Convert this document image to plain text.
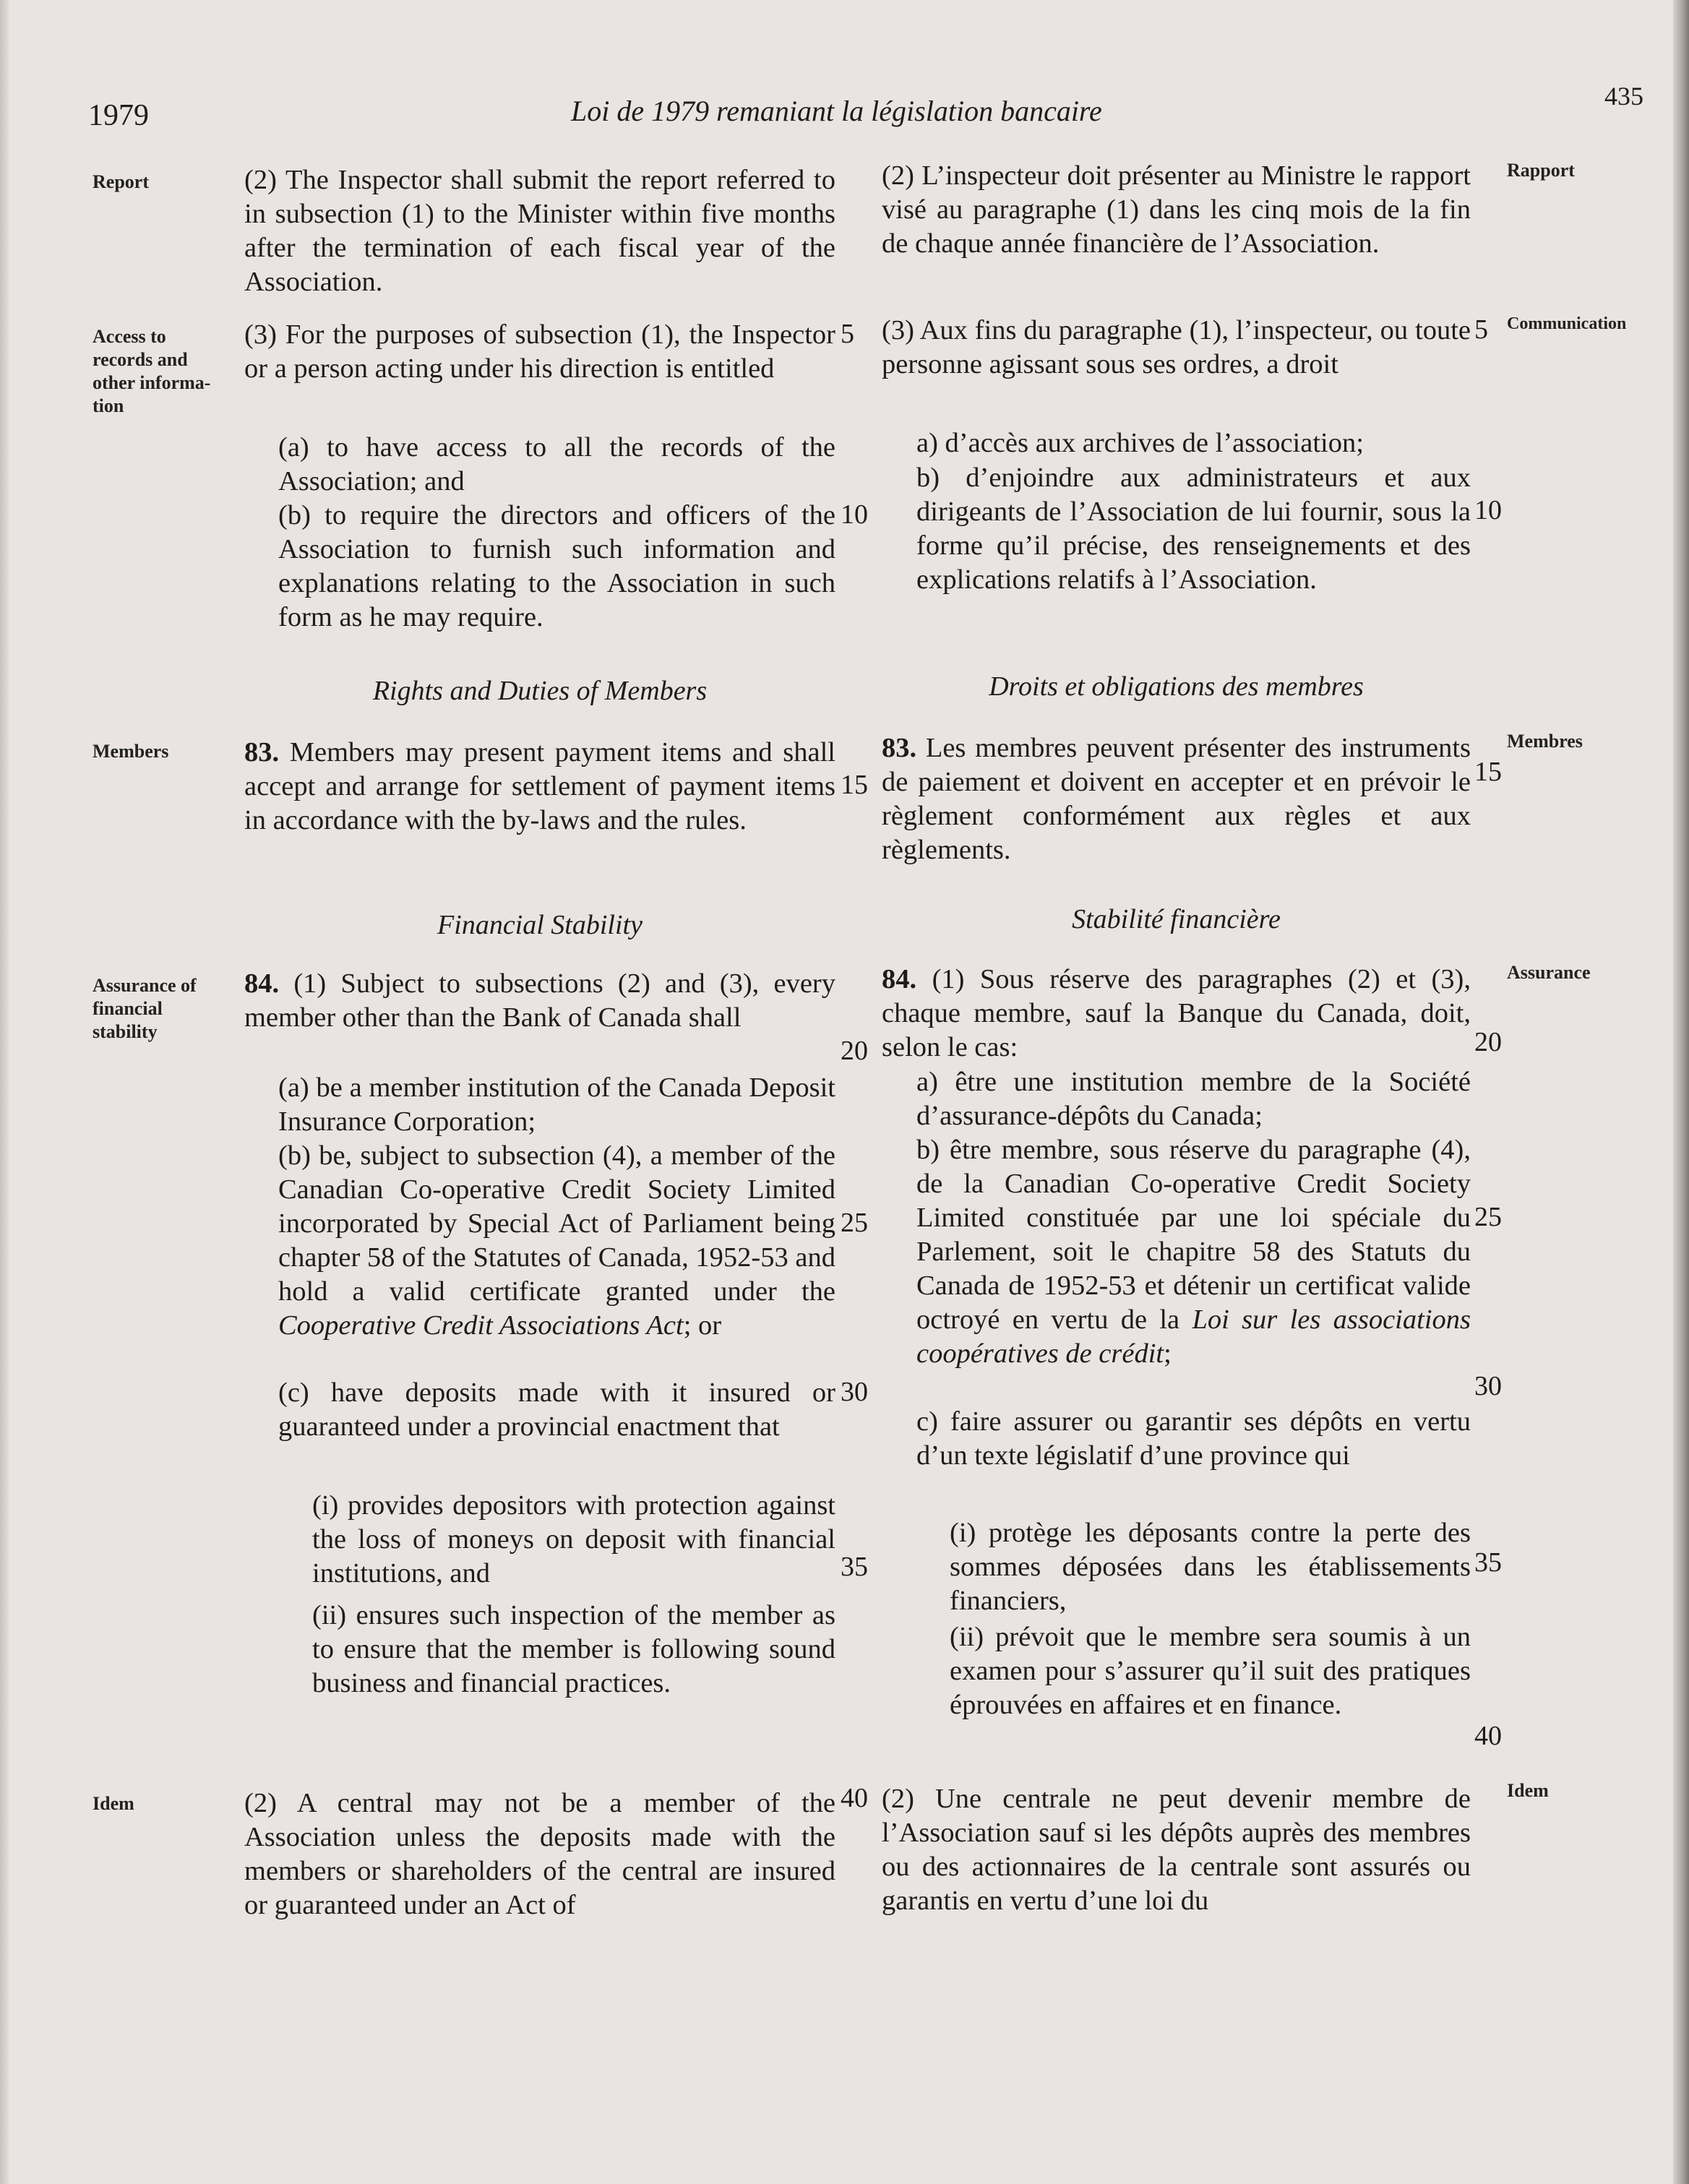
1979	Loi de 1979 remaniant la législation bancaire	435
Report
Access to records and other informa- tion
Members
Assurance of financial stability
Idem
Rapport
Communication
Membres
Assurance
Idem
(2) The Inspector shall submit the report referred to in subsection (1) to the Minister within five months after the termination of each fiscal year of the Association.
(3) For the purposes of subsection (1), the Inspector or a person acting under his direction is entitled
(a) to have access to all the records of the Association; and
(b) to require the directors and officers of the Association to furnish such information and explanations relating to the Association in such form as he may require.
Rights and Duties of Members
83. Members may present payment items and shall accept and arrange for settlement of payment items in accordance with the by-laws and the rules.
Financial Stability
84. (1) Subject to subsections (2) and (3), every member other than the Bank of Canada shall
(a) be a member institution of the Canada Deposit Insurance Corporation;
(b) be, subject to subsection (4), a member of the Canadian Co-operative Credit Society Limited incorporated by Special Act of Parliament being chapter 58 of the Statutes of Canada, 1952-53 and hold a valid certificate granted under the Cooperative Credit Associations Act; or
(c) have deposits made with it insured or guaranteed under a provincial enactment that
(i) provides depositors with protection against the loss of moneys on deposit with financial institutions, and
(ii) ensures such inspection of the member as to ensure that the member is following sound business and financial practices.
(2) A central may not be a member of the Association unless the deposits made with the members or shareholders of the central are insured or guaranteed under an Act of
5
10
15
20
25
30
35
40
(2) L’inspecteur doit présenter au Ministre le rapport visé au paragraphe (1) dans les cinq mois de la fin de chaque année financière de l’Association.
(3) Aux fins du paragraphe (1), l’inspecteur, ou toute personne agissant sous ses ordres, a droit
a) d’accès aux archives de l’association;
b) d’enjoindre aux administrateurs et aux dirigeants de l’Association de lui fournir, sous la forme qu’il précise, des renseignements et des explications relatifs à l’Association.
Droits et obligations des membres
83. Les membres peuvent présenter des instruments de paiement et doivent en accepter et en prévoir le règlement conformément aux règles et aux règlements.
Stabilité financière
84. (1) Sous réserve des paragraphes (2) et (3), chaque membre, sauf la Banque du Canada, doit, selon le cas:
a) être une institution membre de la Société d’assurance-dépôts du Canada;
b) être membre, sous réserve du paragraphe (4), de la Canadian Co-operative Credit Society Limited constituée par une loi spéciale du Parlement, soit le chapitre 58 des Statuts du Canada de 1952-53 et détenir un certificat valide octroyé en vertu de la Loi sur les associations coopératives de crédit;
c) faire assurer ou garantir ses dépôts en vertu d’un texte législatif d’une province qui
(i) protège les déposants contre la perte des sommes déposées dans les établissements financiers,
(ii) prévoit que le membre sera soumis à un examen pour s’assurer qu’il suit des pratiques éprouvées en affaires et en finance.
(2) Une centrale ne peut devenir membre de l’Association sauf si les dépôts auprès des membres ou des actionnaires de la centrale sont assurés ou garantis en vertu d’une loi du
5
10
15
20
25
30
35
40
